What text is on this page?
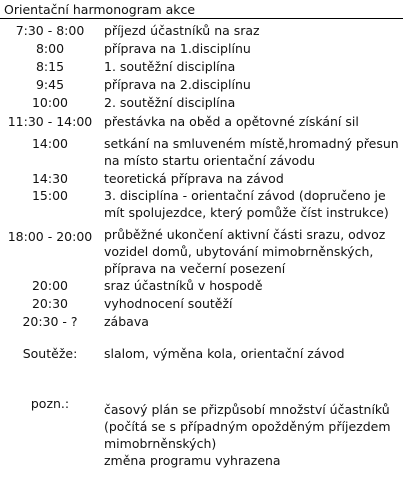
Orientační harmonogram akce
7:30 - 8:00	příjezd účastníků na sraz
8:00	příprava na 1.disciplínu
8:15	1. soutěžní disciplína
9:45	příprava na 2.disciplínu
10:00	2. soutěžní disciplína
11:30 - 14:00 přestávka na oběd a opětovné získání sil
14:00	setkání na smluveném místě,hromadný přesun
na místo startu orientační závodu
14:30	teoretická příprava na závod
15:00	3. disciplína - orientační závod (dopručeno je
mít spolujezdce, který pomůže číst instrukce)
18:00 - 20:00 průběžné ukončení aktivní části srazu, odvoz
vozidel domů, ubytování mimobrněnských,
příprava na večerní posezení
20:00	sraz účastníků v hospodě
20:30	vyhodnocení soutěží
20:30 - ?	zábava
Soutěže:	slalom, výměna kola, orientační závod
pozn.:	časový plán se přizpůsobí množství účastníků
(počítá se s případným opožděným příjezdem
mimobrněnských)
změna programu vyhrazena
